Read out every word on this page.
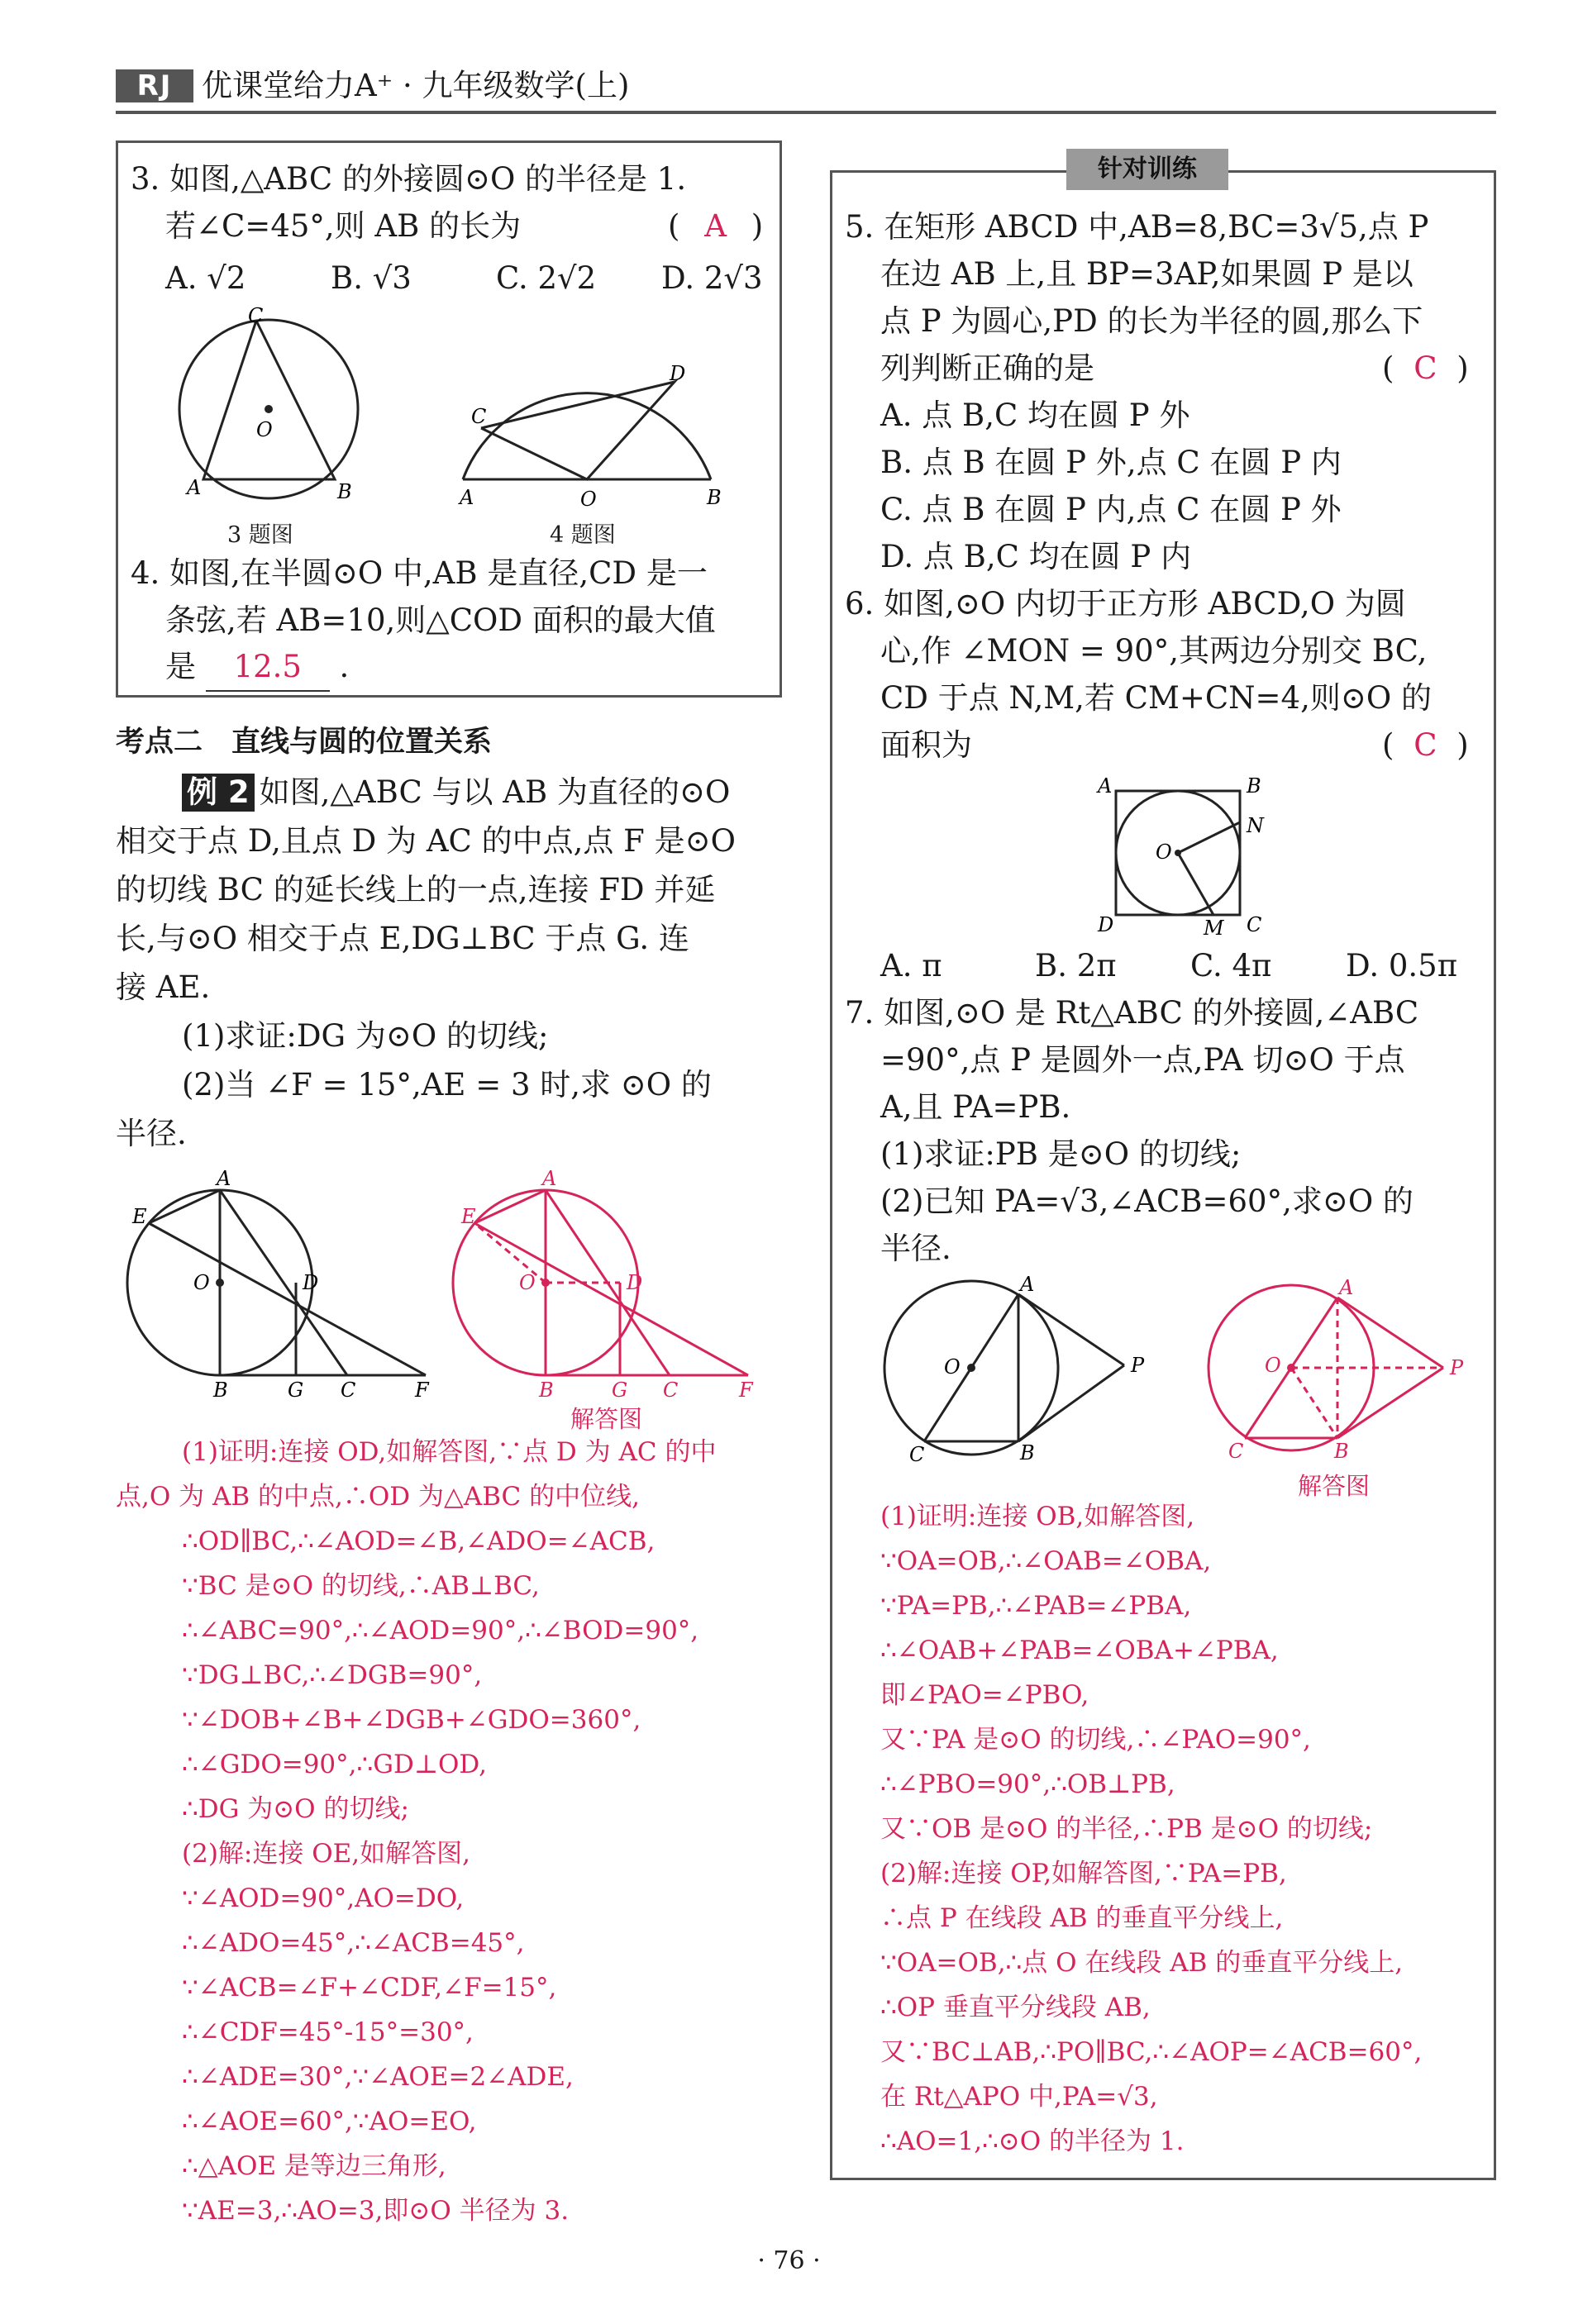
RJ 优课堂给力A⁺ · 九年级数学(上)
3. 如图,△ABC 的外接圆⊙O 的半径是 1.
若∠C=45°,则 AB 的长为	( A )
A. √2	B. √3	C. 2√2 D. 2√3
C
O
A	B
3 题图
C
D
A	O	B
4 题图
4. 如图,在半圆⊙O 中,AB 是直径,CD 是一
条弦,若 AB=10,则△COD 面积的最大值
是 12.5 .
考点二　直线与圆的位置关系
例 2 如图,△ABC 与以 AB 为直径的⊙O
相交于点 D,且点 D 为 AC 的中点,点 F 是⊙O
的切线 BC 的延长线上的一点,连接 FD 并延
长,与⊙O 相交于点 E,DG⊥BC 于点 G. 连
接 AE.
(1)求证:DG 为⊙O 的切线;
(2)当 ∠F = 15°,AE = 3 时,求 ⊙O 的
半径.
A
E
O	D
B	G C	F
A
E
O	D
B	G C	F
解答图
(1)证明:连接 OD,如解答图,∵点 D 为 AC 的中
点,O 为 AB 的中点,∴OD 为△ABC 的中位线,
∴OD∥BC,∴∠AOD=∠B,∠ADO=∠ACB,
∵BC 是⊙O 的切线,∴AB⊥BC,
∴∠ABC=90°,∴∠AOD=90°,∴∠BOD=90°,
∵DG⊥BC,∴∠DGB=90°,
∵∠DOB+∠B+∠DGB+∠GDO=360°,
∴∠GDO=90°,∴GD⊥OD,
∴DG 为⊙O 的切线;
(2)解:连接 OE,如解答图,
∵∠AOD=90°,AO=DO,
∴∠ADO=45°,∴∠ACB=45°,
∵∠ACB=∠F+∠CDF,∠F=15°,
∴∠CDF=45°-15°=30°,
∴∠ADE=30°,∵∠AOE=2∠ADE,
∴∠AOE=60°,∵AO=EO,
∴△AOE 是等边三角形,
∵AE=3,∴AO=3,即⊙O 半径为 3.
针对训练
5. 在矩形 ABCD 中,AB=8,BC=3√5,点 P
在边 AB 上,且 BP=3AP,如果圆 P 是以
点 P 为圆心,PD 的长为半径的圆,那么下
列判断正确的是	( C )
A. 点 B,C 均在圆 P 外
B. 点 B 在圆 P 外,点 C 在圆 P 内
C. 点 B 在圆 P 内,点 C 在圆 P 外
D. 点 B,C 均在圆 P 内
6. 如图,⊙O 内切于正方形 ABCD,O 为圆
心,作 ∠MON = 90°,其两边分别交 BC,
CD 于点 N,M,若 CM+CN=4,则⊙O 的
面积为	( C )
A	B
N
O
D	M C
A. π	B. 2π C. 4π D. 0.5π
7. 如图,⊙O 是 Rt△ABC 的外接圆,∠ABC
=90°,点 P 是圆外一点,PA 切⊙O 于点
A,且 PA=PB.
(1)求证:PB 是⊙O 的切线;
(2)已知 PA=√3,∠ACB=60°,求⊙O 的
半径.
A
O	P
C	B
A
O	P
C	B
解答图
(1)证明:连接 OB,如解答图,
∵OA=OB,∴∠OAB=∠OBA,
∵PA=PB,∴∠PAB=∠PBA,
∴∠OAB+∠PAB=∠OBA+∠PBA,
即∠PAO=∠PBO,
又∵PA 是⊙O 的切线,∴∠PAO=90°,
∴∠PBO=90°,∴OB⊥PB,
又∵OB 是⊙O 的半径,∴PB 是⊙O 的切线;
(2)解:连接 OP,如解答图,∵PA=PB,
∴点 P 在线段 AB 的垂直平分线上,
∵OA=OB,∴点 O 在线段 AB 的垂直平分线上,
∴OP 垂直平分线段 AB,
又∵BC⊥AB,∴PO∥BC,∴∠AOP=∠ACB=60°,
在 Rt△APO 中,PA=√3,
∴AO=1,∴⊙O 的半径为 1.
· 76 ·
